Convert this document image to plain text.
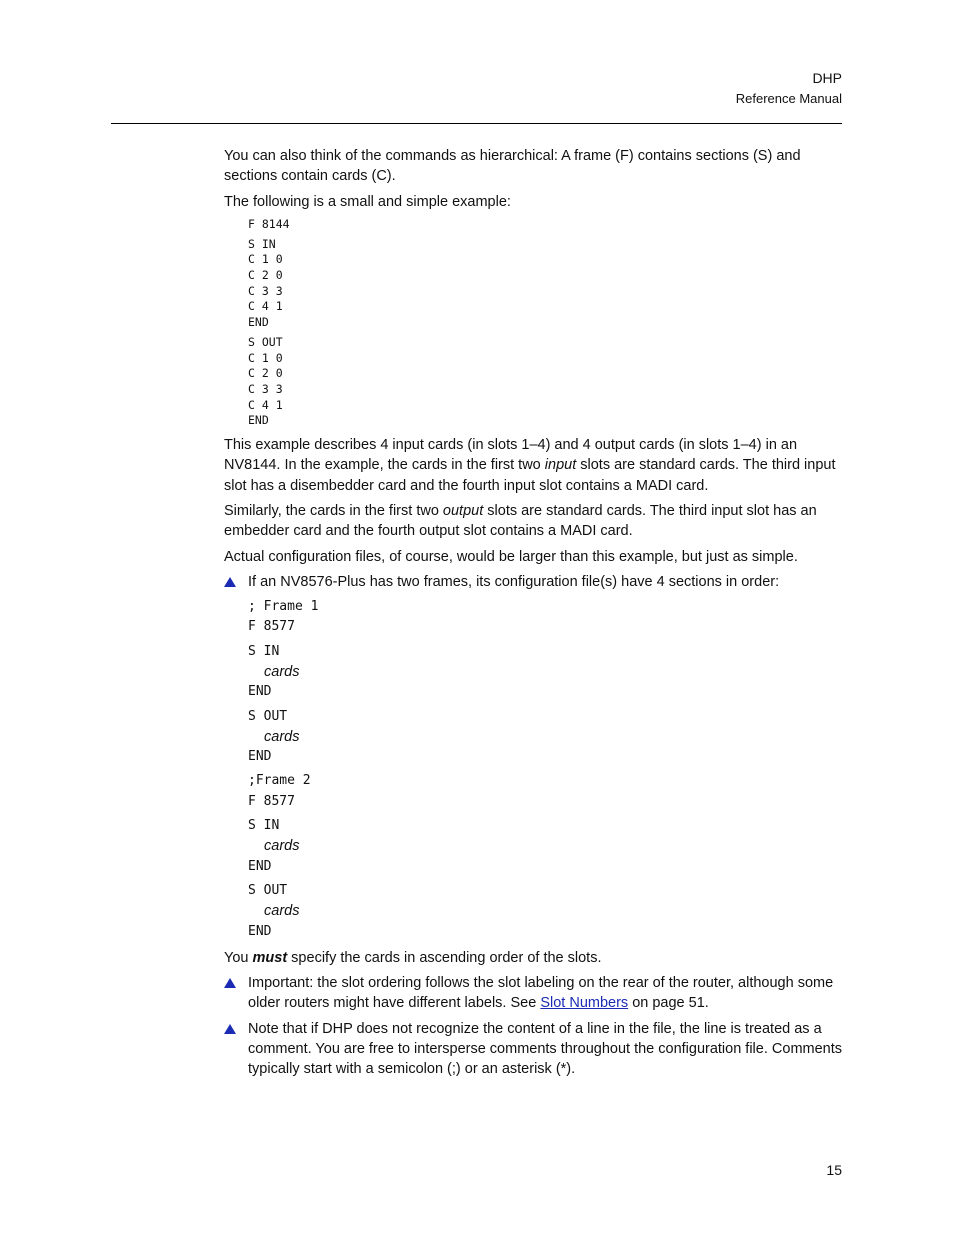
DHP
Reference Manual

You can also think of the commands as hierarchical: A frame (F) contains sections (S) and sections contain cards (C).

The following is a small and simple example:

F 8144
S IN
C 1 0
C 2 0
C 3 3
C 4 1
END
S OUT
C 1 0
C 2 0
C 3 3
C 4 1
END

This example describes 4 input cards (in slots 1–4) and 4 output cards (in slots 1–4) in an NV8144. In the example, the cards in the first two input slots are standard cards. The third input slot has a disembedder card and the fourth input slot contains a MADI card.

Similarly, the cards in the first two output slots are standard cards. The third input slot has an embedder card and the fourth output slot contains a MADI card.

Actual configuration files, of course, would be larger than this example, but just as simple.

If an NV8576-Plus has two frames, its configuration file(s) have 4 sections in order:
; Frame 1
F 8577
S IN
cards
END
S OUT
cards
END
;Frame 2
F 8577
S IN
cards
END
S OUT
cards
END

You must specify the cards in ascending order of the slots.

Important: the slot ordering follows the slot labeling on the rear of the router, although some older routers might have different labels. See Slot Numbers on page 51.
Note that if DHP does not recognize the content of a line in the file, the line is treated as a comment. You are free to intersperse comments throughout the configuration file. Comments typically start with a semicolon (;) or an asterisk (*).
15
